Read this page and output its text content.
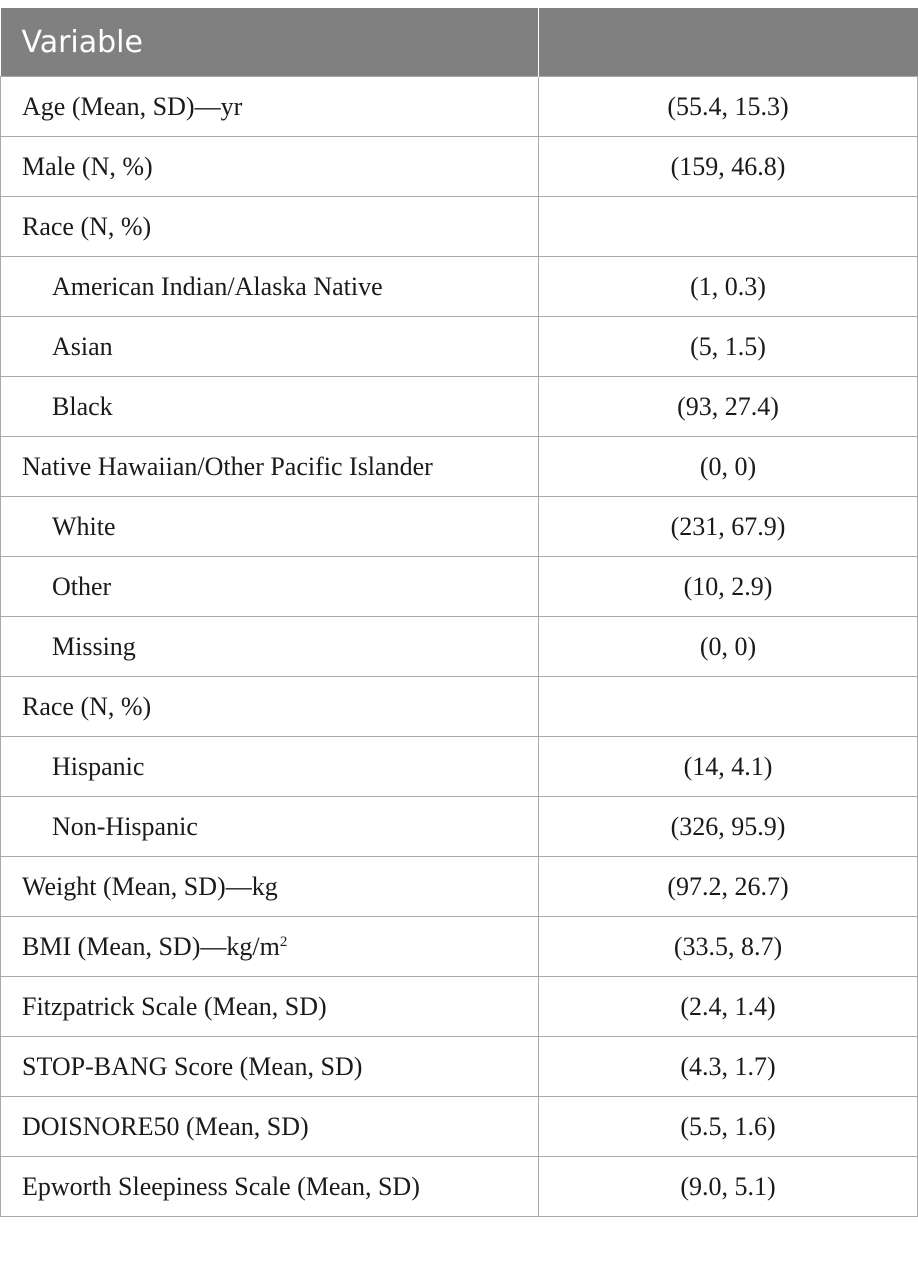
Variable	
Age (Mean, SD)—yr	(55.4, 15.3)
Male (N, %)	(159, 46.8)
Race (N, %)	
American Indian/Alaska Native	(1, 0.3)
Asian	(5, 1.5)
Black	(93, 27.4)
Native Hawaiian/Other Pacific Islander	(0, 0)
White	(231, 67.9)
Other	(10, 2.9)
Missing	(0, 0)
Race (N, %)	
Hispanic	(14, 4.1)
Non-Hispanic	(326, 95.9)
Weight (Mean, SD)—kg	(97.2, 26.7)
BMI (Mean, $SD)—kg/m^2$	(33.5, 8.7)
Fitzpatrick Scale (Mean, SD)	(2.4, 1.4)
STOP-BANG Score (Mean, SD)	(4.3, 1.7)
DOISNORE50 (Mean, SD)	(5.5, 1.6)
Epworth Sleepiness Scale (Mean, SD)	(9.0, 5.1)
